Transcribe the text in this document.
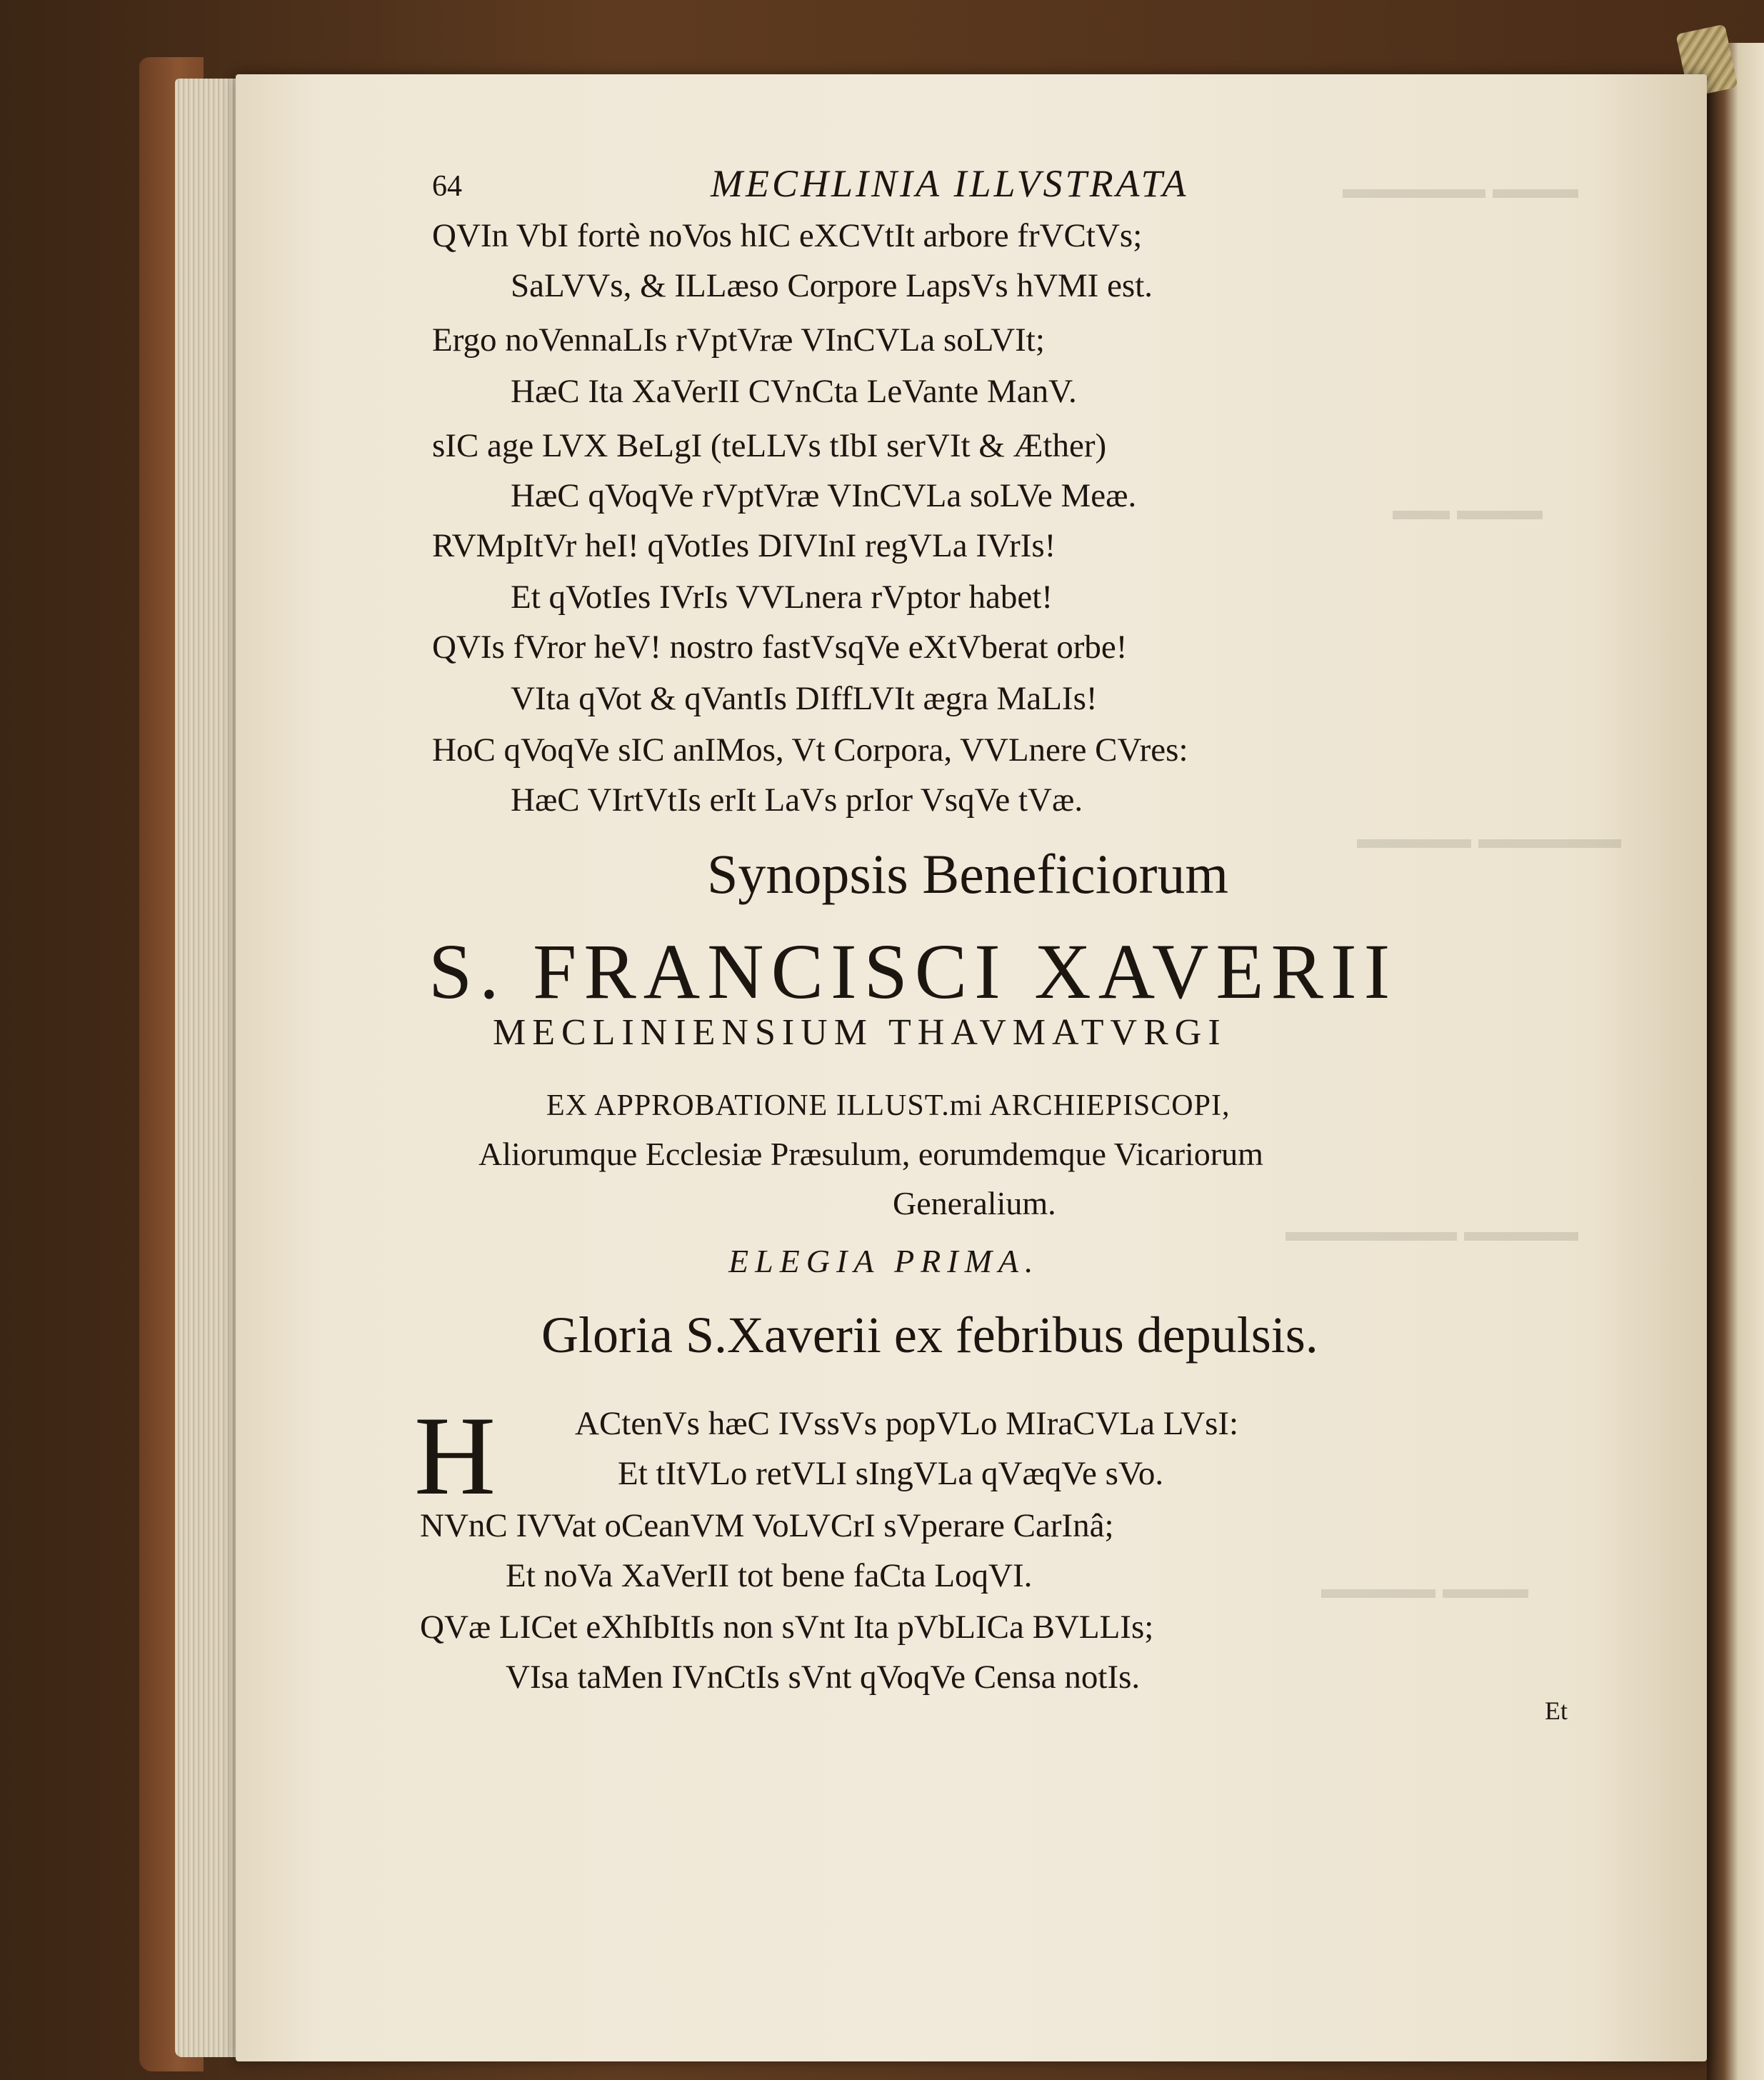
▬▬▬ ▬▬▬▬▬
▬▬▬ ▬▬
▬▬▬▬▬ ▬▬▬▬
▬▬▬▬ ▬▬▬▬▬▬
▬▬▬ ▬▬▬▬
64	MECHLINIA ILLVSTRATA
QVIn VbI fortè noVos hIC eXCVtIt arbore frVCtVs;
SaLVVs, & ILLæso Corpore LapsVs hVMI est.
Ergo noVennaLIs rVptVræ VInCVLa soLVIt;
HæC Ita XaVerII CVnCta LeVante ManV.
sIC age LVX BeLgI (teLLVs tIbI serVIt & Æther)
HæC qVoqVe rVptVræ VInCVLa soLVe Meæ.
RVMpItVr heI! qVotIes DIVInI regVLa IVrIs!
Et qVotIes IVrIs VVLnera rVptor habet!
QVIs fVror heV! nostro fastVsqVe eXtVberat orbe!
VIta qVot & qVantIs DIffLVIt ægra MaLIs!
HoC qVoqVe sIC anIMos, Vt Corpora, VVLnere CVres:
HæC VIrtVtIs erIt LaVs prIor VsqVe tVæ.
Synopsis Beneficiorum
S. FRANCISCI XAVERII
MECLINIENSIUM THAVMATVRGI
EX APPROBATIONE ILLUST.mi ARCHIEPISCOPI,
Aliorumque Ecclesiæ Præsulum, eorumdemque Vicariorum
Generalium.
ELEGIA PRIMA.
Gloria S.Xaverii ex febribus depulsis.
H ACtenVs hæC IVssVs popVLo MIraCVLa LVsI:
Et tItVLo retVLI sIngVLa qVæqVe sVo.
NVnC IVVat oCeanVM VoLVCrI sVperare CarInâ;
Et noVa XaVerII tot bene faCta LoqVI.
QVæ LICet eXhIbItIs non sVnt Ita pVbLICa BVLLIs;
VIsa taMen IVnCtIs sVnt qVoqVe Censa notIs.
Et
